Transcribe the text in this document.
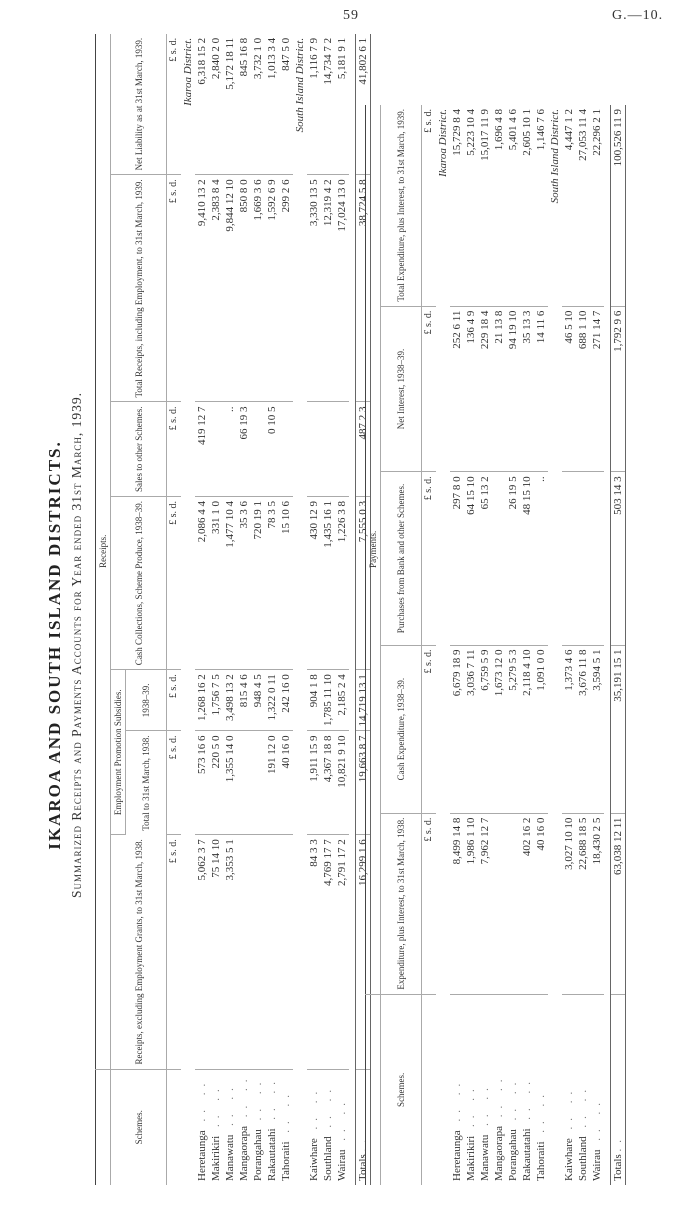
59	G.—10.
IKAROA AND SOUTH ISLAND DISTRICTS. Summarized Receipts and Payments Accounts for Year ended 31st March, 1939.
	Receipts.						
Schemes.	Receipts, excluding Employment Grants, to 31st March, 1938.	Employment Promotion Subsidies.		Cash Collections, Scheme Produce, 1938–39.	Sales to other Schemes.	Total Receipts, including Employment, to 31st March, 1939.	Net Liability as at 31st March, 1939.
		Total to 31st March, 1938.	1938–39.				
	£ s. d.	£ s. d.	£ s. d.	£ s. d.	£ s. d.	£ s. d.	£ s. d.
Ikaroa District.							
Heretaunga .. ..	5,062 3 7	573 16 6	1,268 16 2	2,086 4 4	419 12 7	9,410 13 2	6,318 15 2
Makirikiri .. ..	75 14 10	220 5 0	1,756 7 5	331 1 0		2,383 8 4	2,840 2 0
Manawatu .. ..	3,353 5 1	1,355 14 0	3,498 13 2	1,477 10 4	..	9,844 12 10	5,172 18 11
Mangaorapa .. ..			815 4 6	35 3 6	66 19 3	850 8 0	845 16 8
Porangahau .. ..			948 4 5	720 19 1		1,669 3 6	3,732 1 0
Rakautatahi .. ..		191 12 0	1,322 0 11	78 3 5	0 10 5	1,592 6 9	1,013 3 4
Tahoraiti .. ..		40 16 0	242 16 0	15 10 6		299 2 6	847 5 0
South Island District.							
Kaiwhare .. ..	84 3 3	1,911 15 9	904 1 8	430 12 9		3,330 13 5	1,116 7 9
Southland .. ..	4,769 17 7	4,367 18 8	1,785 11 10	1,435 16 1		12,319 4 2	14,734 7 2
Wairau .. ..	2,791 17 2	10,821 9 10	2,185 2 4	1,226 3 8		17,024 13 0	5,181 9 1

Totals ..	16,299 1 6	19,663 8 7	14,719 13 1	7,555 0 3	487 2 3	38,724 5 8	41,802 6 1
	Payments.				
Schemes.	Expenditure, plus Interest, to 31st March, 1938.	Cash Expenditure, 1938–39.	Purchases from Bank and other Schemes.	Net Interest, 1938–39.	Total Expenditure, plus Interest, to 31st March, 1939.
	£ s. d.	£ s. d.	£ s. d.	£ s. d.	£ s. d.
Ikaroa District.					
Heretaunga .. ..	8,499 14 8	6,679 18 9	297 8 0	252 6 11	15,729 8 4
Makirikiri .. ..	1,986 1 10	3,036 7 11	64 15 10	136 4 9	5,223 10 4
Manawatu .. ..	7,962 12 7	6,759 5 9	65 13 2	229 18 4	15,017 11 9
Mangaorapa .. ..		1,673 12 0		21 13 8	1,696 4 8
Porangahau .. ..		5,279 5 3	26 19 5	94 19 10	5,401 4 6
Rakautatahi .. ..	402 16 2	2,118 4 10	48 15 10	35 13 3	2,605 10 1
Tahoraiti .. ..	40 16 0	1,091 0 0	..	14 11 6	1,146 7 6
South Island District.					
Kaiwhare .. ..	3,027 10 10	1,373 4 6		46 5 10	4,447 1 2
Southland .. ..	22,688 18 5	3,676 11 8		688 1 10	27,053 11 4
Wairau .. ..	18,430 2 5	3,594 5 1		271 14 7	22,296 2 1

Totals ..	63,038 12 11	35,191 15 1	503 14 3	1,792 9 6	100,526 11 9
